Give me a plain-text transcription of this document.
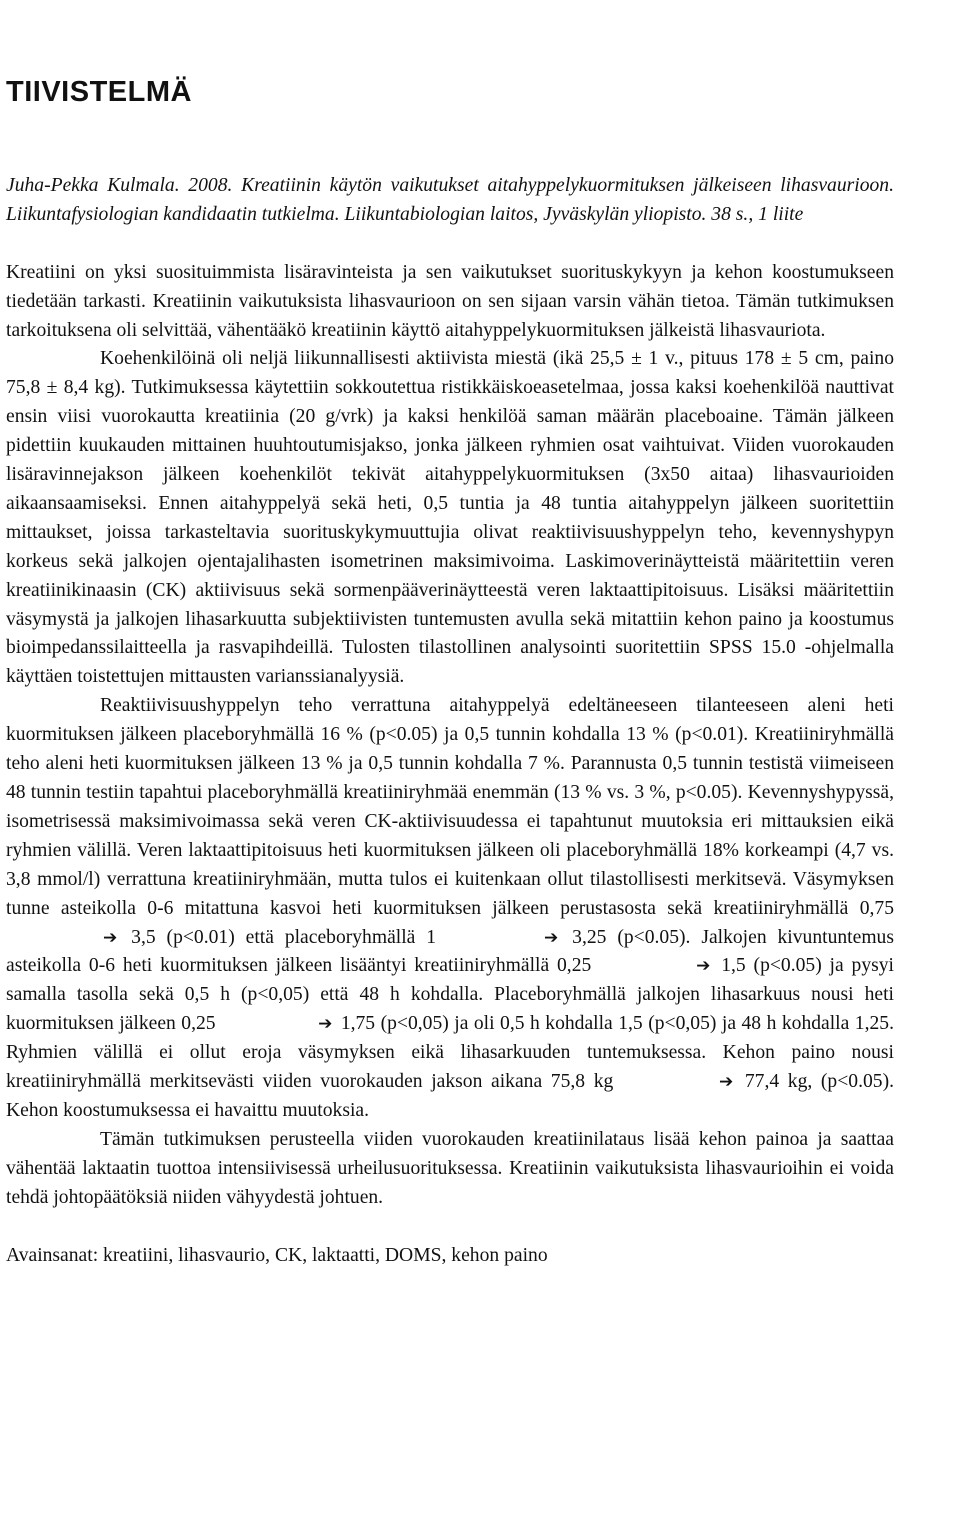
TIIVISTELMÄ

Juha-Pekka Kulmala. 2008. Kreatiinin käytön vaikutukset aitahyppelykuormituksen jälkeiseen lihasvaurioon. Liikuntafysiologian kandidaatin tutkielma. Liikuntabiologian laitos, Jyväskylän yliopisto. 38 s., 1 liite

Kreatiini on yksi suosituimmista lisäravinteista ja sen vaikutukset suorituskykyyn ja kehon koostumukseen tiedetään tarkasti. Kreatiinin vaikutuksista lihasvaurioon on sen sijaan varsin vähän tietoa. Tämän tutkimuksen tarkoituksena oli selvittää, vähentääkö kreatiinin käyttö aitahyppelykuormituksen jälkeistä lihasvauriota.

Koehenkilöinä oli neljä liikunnallisesti aktiivista miestä (ikä 25,5 ± 1 v., pituus 178 ± 5 cm, paino 75,8 ± 8,4 kg). Tutkimuksessa käytettiin sokkoutettua ristikkäiskoeasetelmaa, jossa kaksi koehenkilöä nauttivat ensin viisi vuorokautta kreatiinia (20 g/vrk) ja kaksi henkilöä saman määrän placeboaine. Tämän jälkeen pidettiin kuukauden mittainen huuhtoutumisjakso, jonka jälkeen ryhmien osat vaihtuivat. Viiden vuorokauden lisäravinnejakson jälkeen koehenkilöt tekivät aitahyppelykuormituksen (3x50 aitaa) lihasvaurioiden aikaansaamiseksi. Ennen aitahyppelyä sekä heti, 0,5 tuntia ja 48 tuntia aitahyppelyn jälkeen suoritettiin mittaukset, joissa tarkasteltavia suorituskykymuuttujia olivat reaktiivisuushyppelyn teho, kevennyshypyn korkeus sekä jalkojen ojentajalihasten isometrinen maksimivoima. Laskimoverinäytteistä määritettiin veren kreatiinikinaasin (CK) aktiivisuus sekä sormenpääverinäytteestä veren laktaattipitoisuus. Lisäksi määritettiin väsymystä ja jalkojen lihasarkuutta subjektiivisten tuntemusten avulla sekä mitattiin kehon paino ja koostumus bioimpedanssilaitteella ja rasvapihdeillä. Tulosten tilastollinen analysointi suoritettiin SPSS 15.0 -ohjelmalla käyttäen toistettujen mittausten varianssianalyysiä.

Reaktiivisuushyppelyn teho verrattuna aitahyppelyä edeltäneeseen tilanteeseen aleni heti kuormituksen jälkeen placeboryhmällä 16 % (p<0.05) ja 0,5 tunnin kohdalla 13 % (p<0.01). Kreatiiniryhmällä teho aleni heti kuormituksen jälkeen 13 % ja 0,5 tunnin kohdalla 7 %. Parannusta 0,5 tunnin testistä viimeiseen 48 tunnin testiin tapahtui placeboryhmällä kreatiiniryhmää enemmän (13 % vs. 3 %, p<0.05). Kevennyshypyssä, isometrisessä maksimivoimassa sekä veren CK-aktiivisuudessa ei tapahtunut muutoksia eri mittauksien eikä ryhmien välillä. Veren laktaattipitoisuus heti kuormituksen jälkeen oli placeboryhmällä 18% korkeampi (4,7 vs. 3,8 mmol/l) verrattuna kreatiiniryhmään, mutta tulos ei kuitenkaan ollut tilastollisesti merkitsevä. Väsymyksen tunne asteikolla 0-6 mitattuna kasvoi heti kuormituksen jälkeen perustasosta sekä kreatiiniryhmällä 0,75 ➔ 3,5 (p<0.01) että placeboryhmällä 1	➔ 3,25 (p<0.05). Jalkojen kivuntuntemus asteikolla 0-6 heti kuormituksen jälkeen lisääntyi kreatiiniryhmällä 0,25	➔ 1,5 (p<0.05) ja pysyi samalla tasolla sekä 0,5 h (p<0,05) että 48 h kohdalla. Placeboryhmällä jalkojen lihasarkuus nousi heti kuormituksen jälkeen 0,25	➔ 1,75 (p<0,05) ja oli 0,5 h kohdalla 1,5 (p<0,05) ja 48 h kohdalla 1,25. Ryhmien välillä ei ollut eroja väsymyksen eikä lihasarkuuden tuntemuksessa. Kehon paino nousi kreatiiniryhmällä merkitsevästi viiden vuorokauden jakson aikana 75,8 kg	➔ 77,4 kg, (p<0.05). Kehon koostumuksessa ei havaittu muutoksia.

Tämän tutkimuksen perusteella viiden vuorokauden kreatiinilataus lisää kehon painoa ja saattaa vähentää laktaatin tuottoa intensiivisessä urheilusuorituksessa. Kreatiinin vaikutuksista lihasvaurioihin ei voida tehdä johtopäätöksiä niiden vähyydestä johtuen.

Avainsanat: kreatiini, lihasvaurio, CK, laktaatti, DOMS, kehon paino
